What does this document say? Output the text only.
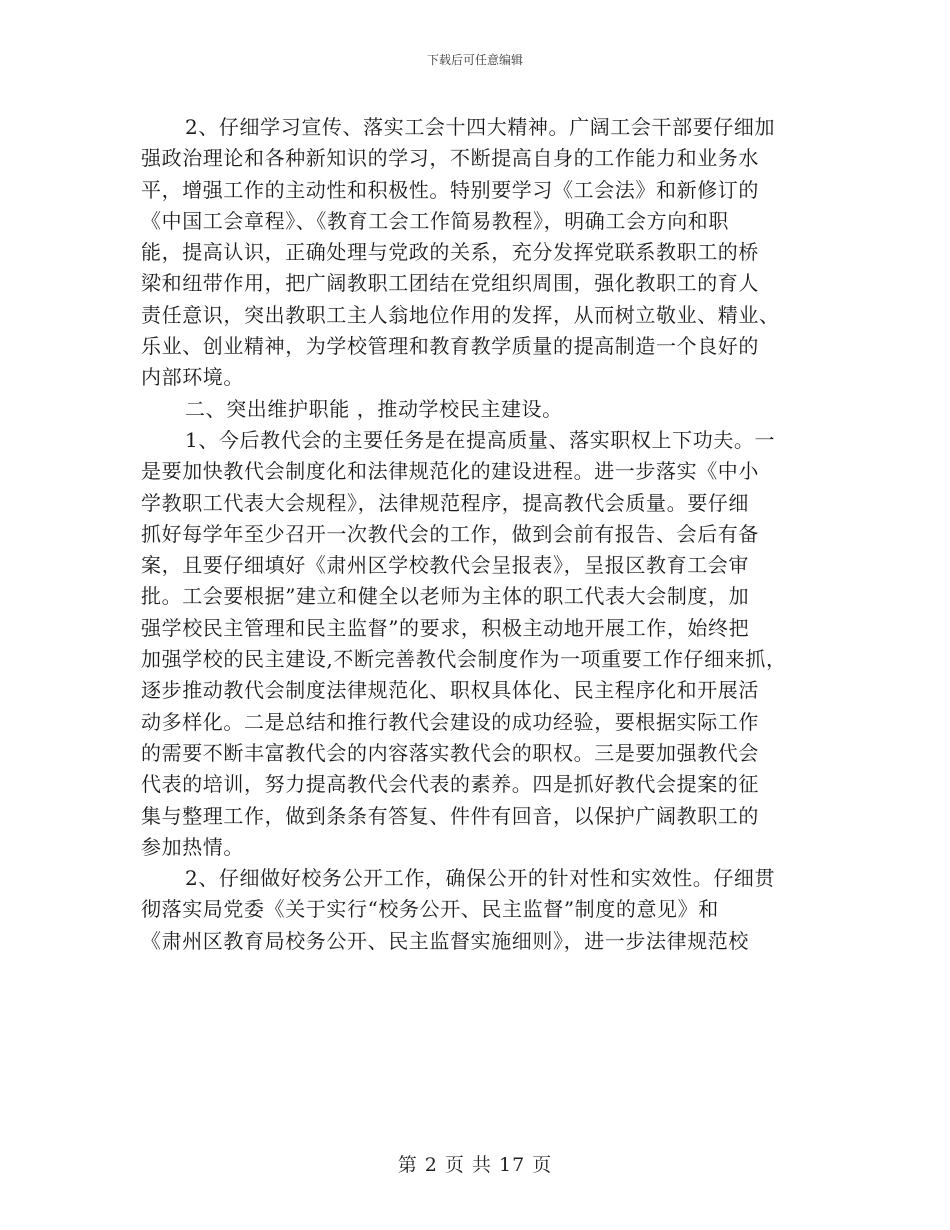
下载后可任意编辑
2、仔细学习宣传、落实工会十四大精神。广阔工会干部要仔细加
强政治理论和各种新知识的学习，不断提高自身的工作能力和业务水
平，增强工作的主动性和积极性。特别要学习《工会法》和新修订的
《中国工会章程》、《教育工会工作简易教程》，明确工会方向和职
能，提高认识，正确处理与党政的关系，充分发挥党联系教职工的桥
梁和纽带作用，把广阔教职工团结在党组织周围，强化教职工的育人
责任意识，突出教职工主人翁地位作用的发挥，从而树立敬业、精业、
乐业、创业精神，为学校管理和教育教学质量的提高制造一个良好的
内部环境。
二、突出维护职能 ，推动学校民主建设。
1、今后教代会的主要任务是在提高质量、落实职权上下功夫。一
是要加快教代会制度化和法律规范化的建设进程。进一步落实《中小
学教职工代表大会规程》，法律规范程序，提高教代会质量。要仔细
抓好每学年至少召开一次教代会的工作，做到会前有报告、会后有备
案，且要仔细填好《肃州区学校教代会呈报表》，呈报区教育工会审
批。工会要根据”建立和健全以老师为主体的职工代表大会制度，加
强学校民主管理和民主监督”的要求，积极主动地开展工作，始终把
加强学校的民主建设,不断完善教代会制度作为一项重要工作仔细来抓，
逐步推动教代会制度法律规范化、职权具体化、民主程序化和开展活
动多样化。二是总结和推行教代会建设的成功经验，要根据实际工作
的需要不断丰富教代会的内容落实教代会的职权。三是要加强教代会
代表的培训，努力提高教代会代表的素养。四是抓好教代会提案的征
集与整理工作，做到条条有答复、件件有回音，以保护广阔教职工的
参加热情。
2、仔细做好校务公开工作，确保公开的针对性和实效性。仔细贯
彻落实局党委《关于实行“校务公开、民主监督”制度的意见》和
《肃州区教育局校务公开、民主监督实施细则》，进一步法律规范校
第 2 页 共 17 页
